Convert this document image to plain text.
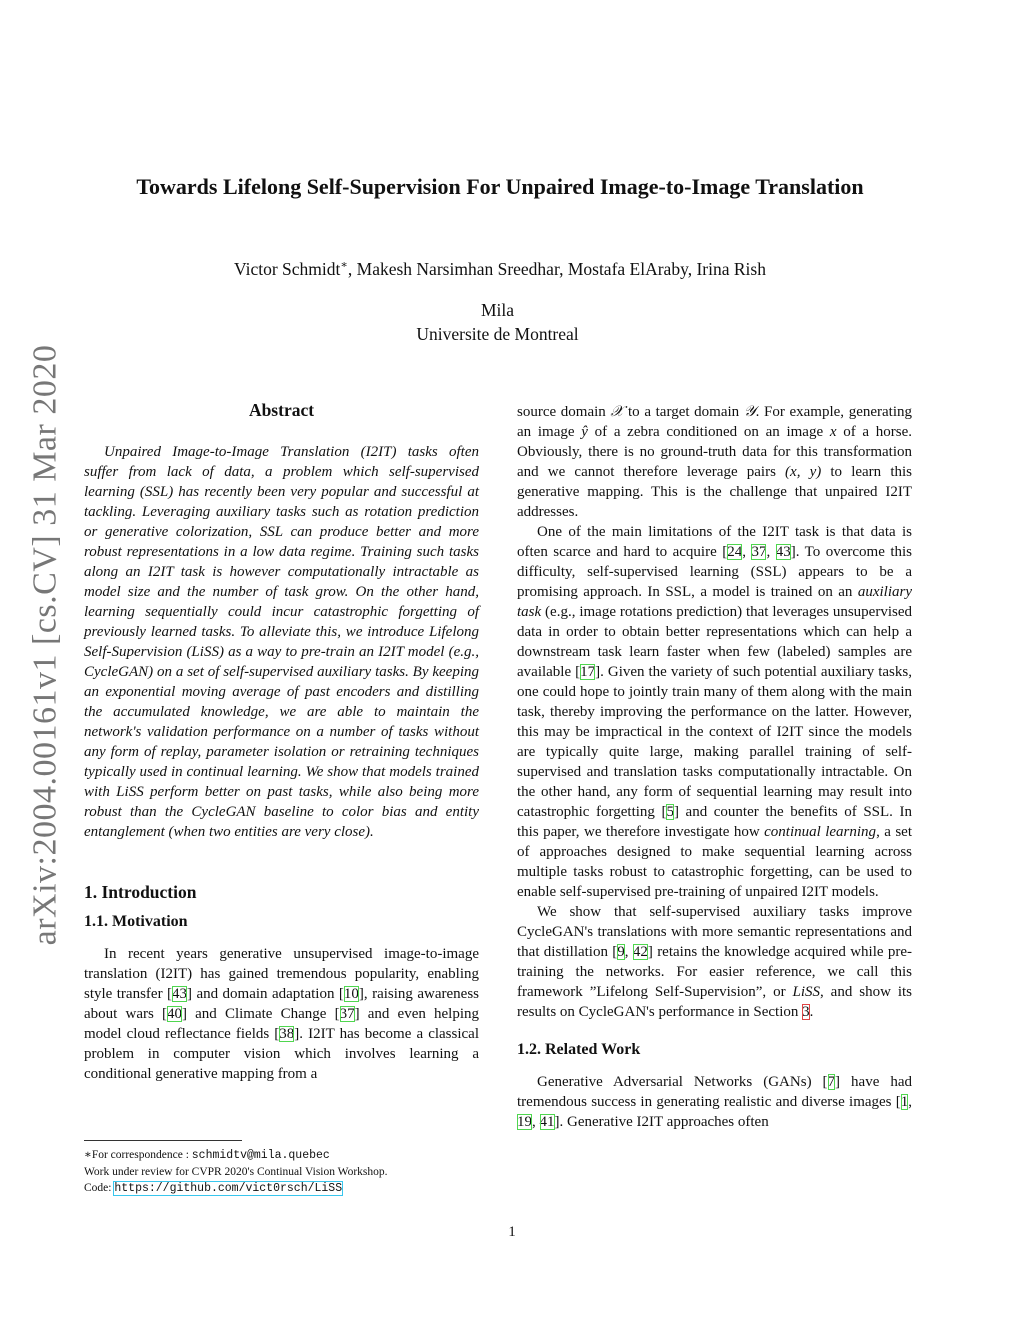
arXiv:2004.00161v1 [cs.CV] 31 Mar 2020
Towards Lifelong Self-Supervision For Unpaired Image-to-Image Translation
Victor Schmidt∗, Makesh Narsimhan Sreedhar, Mostafa ElAraby, Irina Rish
Mila
Universite de Montreal
Abstract

Unpaired Image-to-Image Translation (I2IT) tasks often suffer from lack of data, a problem which self-supervised learning (SSL) has recently been very popular and successful at tackling. Leveraging auxiliary tasks such as rotation prediction or generative colorization, SSL can produce better and more robust representations in a low data regime. Training such tasks along an I2IT task is however computationally intractable as model size and the number of task grow. On the other hand, learning sequentially could incur catastrophic forgetting of previously learned tasks. To alleviate this, we introduce Lifelong Self-Supervision (LiSS) as a way to pre-train an I2IT model (e.g., CycleGAN) on a set of self-supervised auxiliary tasks. By keeping an exponential moving average of past encoders and distilling the accumulated knowledge, we are able to maintain the network's validation performance on a number of tasks without any form of replay, parameter isolation or retraining techniques typically used in continual learning. We show that models trained with LiSS perform better on past tasks, while also being more robust than the CycleGAN baseline to color bias and entity entanglement (when two entities are very close).

1. Introduction
1.1. Motivation

In recent years generative unsupervised image-to-image translation (I2IT) has gained tremendous popularity, enabling style transfer [43] and domain adaptation [10], raising awareness about wars [40] and Climate Change [37] and even helping model cloud reflectance fields [38]. I2IT has become a classical problem in computer vision which involves learning a conditional generative mapping from a

∗For correspondence : schmidtv@mila.quebec
Work under review for CVPR 2020's Continual Vision Workshop.
Code: https://github.com/vict0rsch/LiSS

source domain 𝒳 to a target domain 𝒴. For example, generating an image ŷ of a zebra conditioned on an image x of a horse. Obviously, there is no ground-truth data for this transformation and we cannot therefore leverage pairs (x, y) to learn this generative mapping. This is the challenge that unpaired I2IT addresses.

One of the main limitations of the I2IT task is that data is often scarce and hard to acquire [24, 37, 43]. To overcome this difficulty, self-supervised learning (SSL) appears to be a promising approach. In SSL, a model is trained on an auxiliary task (e.g., image rotations prediction) that leverages unsupervised data in order to obtain better representations which can help a downstream task learn faster when few (labeled) samples are available [17]. Given the variety of such potential auxiliary tasks, one could hope to jointly train many of them along with the main task, thereby improving the performance on the latter. However, this may be impractical in the context of I2IT since the models are typically quite large, making parallel training of self-supervised and translation tasks computationally intractable. On the other hand, any form of sequential learning may result into catastrophic forgetting [5] and counter the benefits of SSL. In this paper, we therefore investigate how continual learning, a set of approaches designed to make sequential learning across multiple tasks robust to catastrophic forgetting, can be used to enable self-supervised pre-training of unpaired I2IT models.

We show that self-supervised auxiliary tasks improve CycleGAN's translations with more semantic representations and that distillation [9, 42] retains the knowledge acquired while pre-training the networks. For easier reference, we call this framework ”Lifelong Self-Supervision”, or LiSS, and show its results on CycleGAN's performance in Section 3.

1.2. Related Work

Generative Adversarial Networks (GANs) [7] have had tremendous success in generating realistic and diverse images [1, 19, 41]. Generative I2IT approaches often

1
